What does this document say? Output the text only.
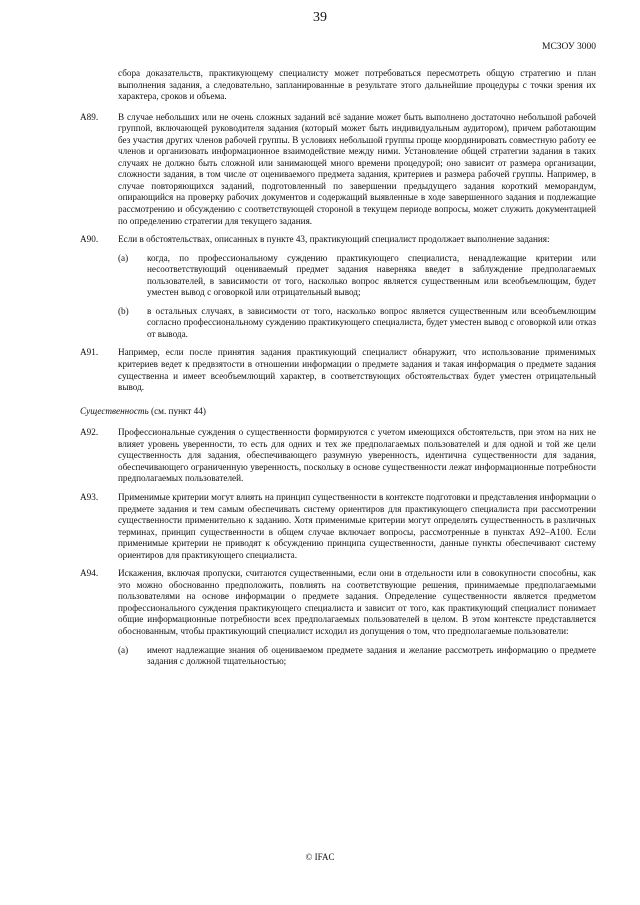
39
МСЗОУ 3000

сбора доказательств, практикующему специалисту может потребоваться пересмотреть общую стратегию и план выполнения задания, а следовательно, запланированные в результате этого дальнейшие процедуры с точки зрения их характера, сроков и объема.

A89. В случае небольших или не очень сложных заданий всё задание может быть выполнено достаточно небольшой рабочей группой, включающей руководителя задания (который может быть индивидуальным аудитором), причем работающим без участия других членов рабочей группы. В условиях небольшой группы проще координировать совместную работу ее членов и организовать информационное взаимодействие между ними. Установление общей стратегии задания в таких случаях не должно быть сложной или занимающей много времени процедурой; оно зависит от размера организации, сложности задания, в том числе от оцениваемого предмета задания, критериев и размера рабочей группы. Например, в случае повторяющихся заданий, подготовленный по завершении предыдущего задания короткий меморандум, опирающийся на проверку рабочих документов и содержащий выявленные в ходе завершенного задания и подлежащие рассмотрению и обсуждению с соответствующей стороной в текущем периоде вопросы, может служить документацией по определению стратегии для текущего задания.

A90. Если в обстоятельствах, описанных в пункте 43, практикующий специалист продолжает выполнение задания:

(a) когда, по профессиональному суждению практикующего специалиста, ненадлежащие критерии или несоответствующий оцениваемый предмет задания наверняка введет в заблуждение предполагаемых пользователей, в зависимости от того, насколько вопрос является существенным или всеобъемлющим, будет уместен вывод с оговоркой или отрицательный вывод;

(b) в остальных случаях, в зависимости от того, насколько вопрос является существенным или всеобъемлющим согласно профессиональному суждению практикующего специалиста, будет уместен вывод с оговоркой или отказ от вывода.

A91. Например, если после принятия задания практикующий специалист обнаружит, что использование применимых критериев ведет к предвзятости в отношении информации о предмете задания и такая информация о предмете задания существенна и имеет всеобъемлющий характер, в соответствующих обстоятельствах будет уместен отрицательный вывод.

Существенность (см. пункт 44)
A92. Профессиональные суждения о существенности формируются с учетом имеющихся обстоятельств, при этом на них не влияет уровень уверенности, то есть для одних и тех же предполагаемых пользователей и для одной и той же цели существенность для задания, обеспечивающего разумную уверенность, идентична существенности для задания, обеспечивающего ограниченную уверенность, поскольку в основе существенности лежат информационные потребности предполагаемых пользователей.

A93. Применимые критерии могут влиять на принцип существенности в контексте подготовки и представления информации о предмете задания и тем самым обеспечивать систему ориентиров для практикующего специалиста при рассмотрении существенности применительно к заданию. Хотя применимые критерии могут определять существенность в различных терминах, принцип существенности в общем случае включает вопросы, рассмотренные в пунктах A92–A100. Если применимые критерии не приводят к обсуждению принципа существенности, данные пункты обеспечивают систему ориентиров для практикующего специалиста.

A94. Искажения, включая пропуски, считаются существенными, если они в отдельности или в совокупности способны, как это можно обоснованно предположить, повлиять на соответствующие решения, принимаемые предполагаемыми пользователями на основе информации о предмете задания. Определение существенности является предметом профессионального суждения практикующего специалиста и зависит от того, как практикующий специалист понимает общие информационные потребности всех предполагаемых пользователей в целом. В этом контексте представляется обоснованным, чтобы практикующий специалист исходил из допущения о том, что предполагаемые пользователи:

(a) имеют надлежащие знания об оцениваемом предмете задания и желание рассмотреть информацию о предмете задания с должной тщательностью;

© IFAC
